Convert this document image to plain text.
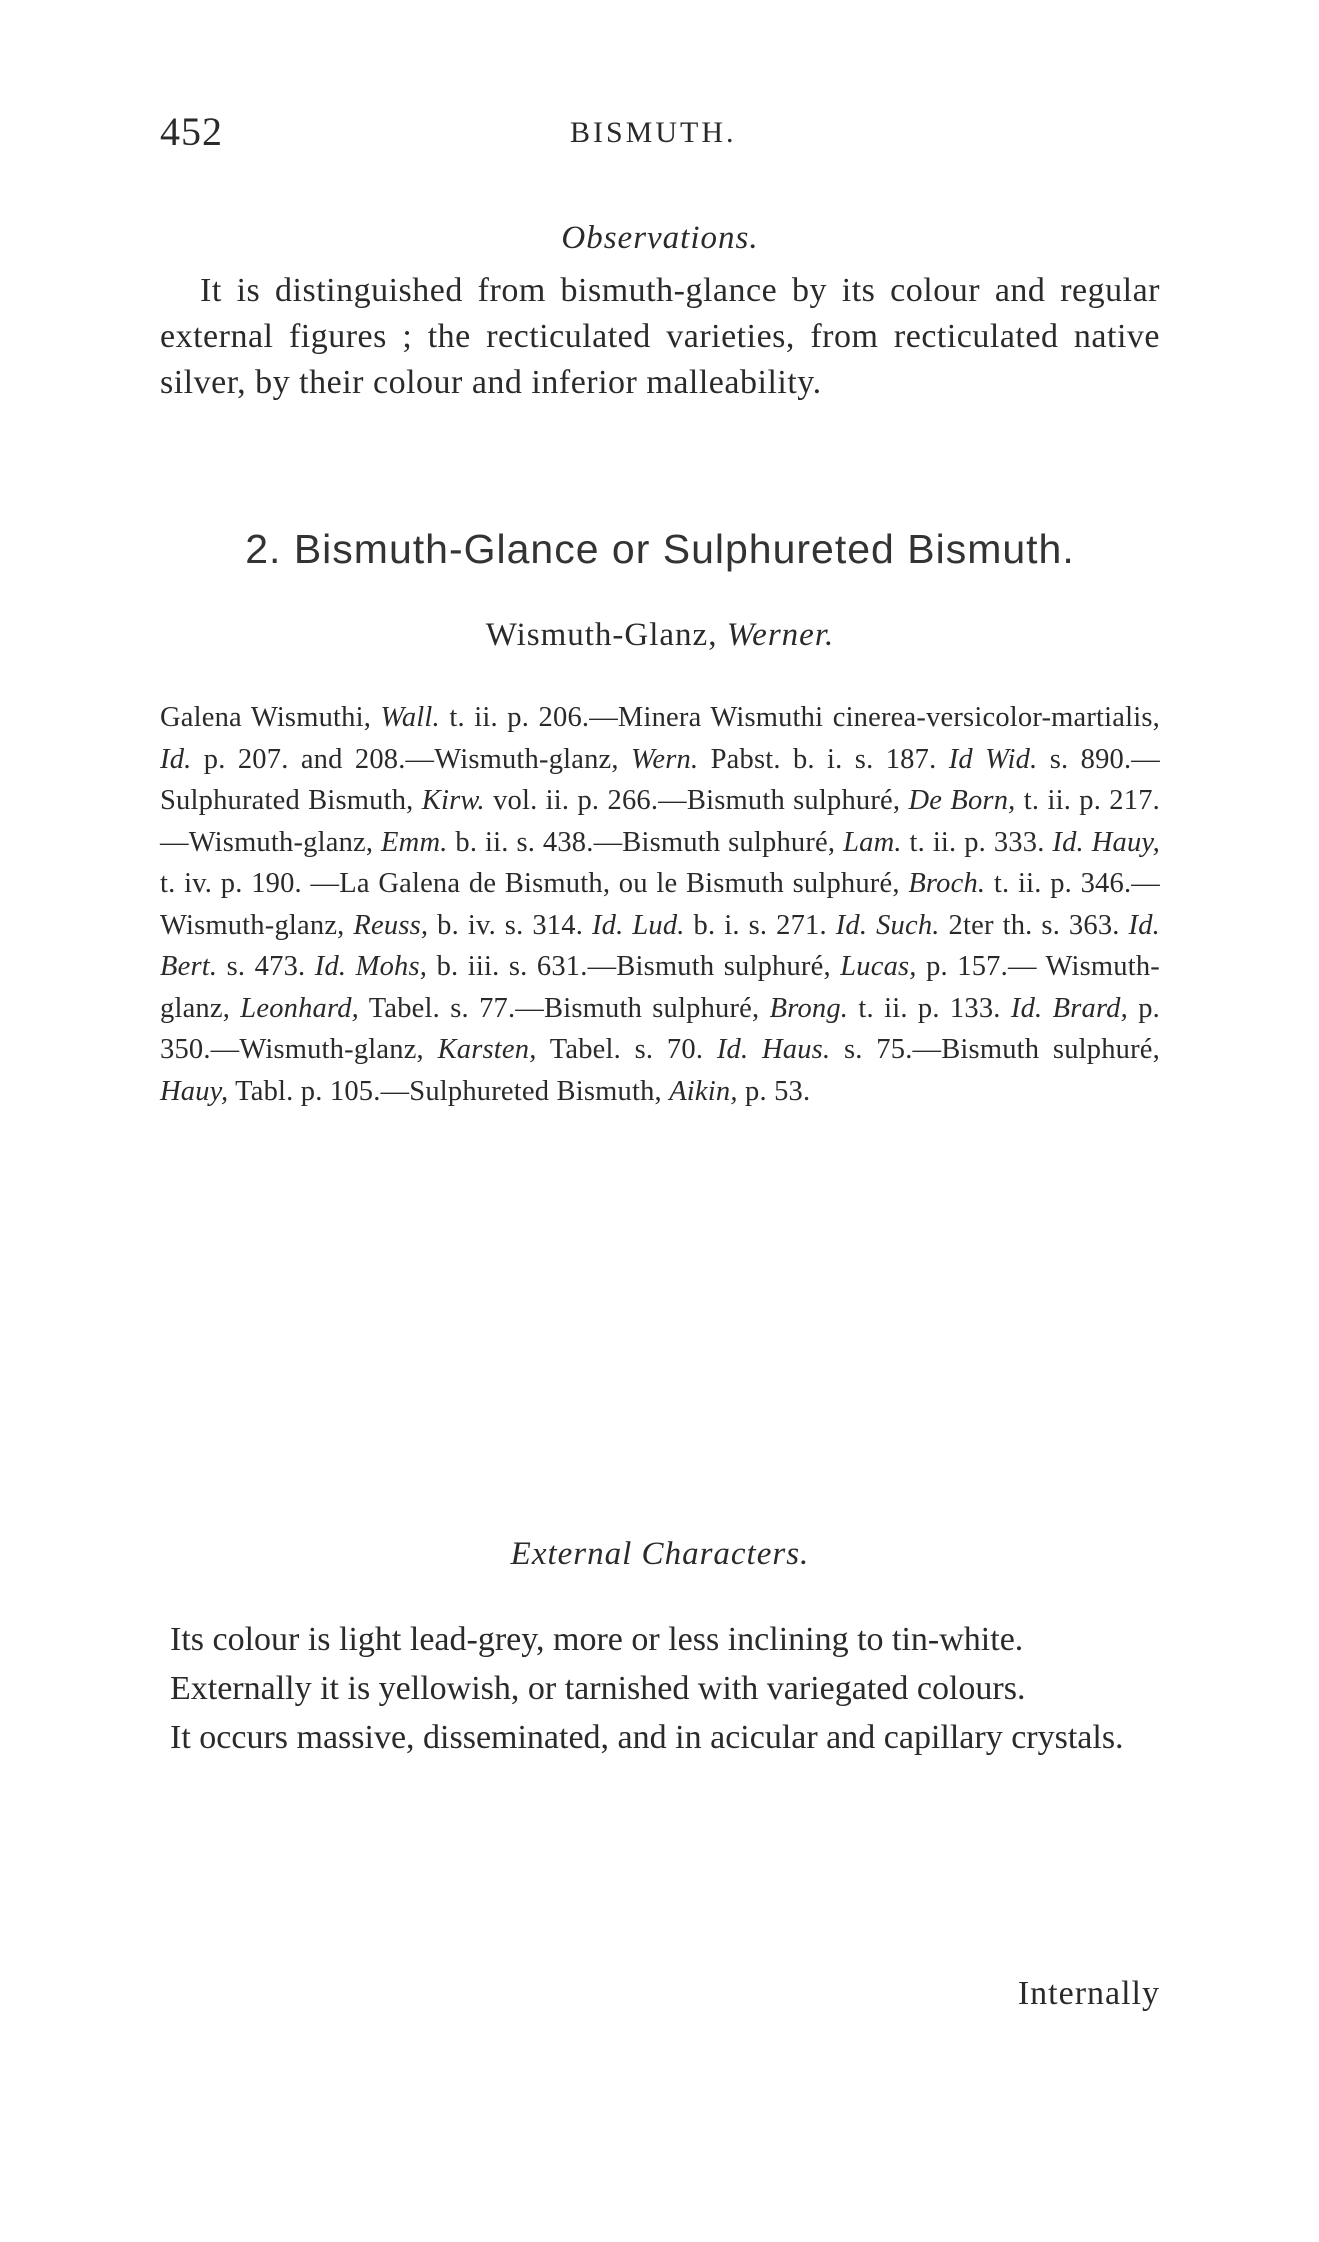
452	BISMUTH.
Observations.
It is distinguished from bismuth-glance by its colour and regular external figures ; the recticulated varieties, from recticulated native silver, by their colour and inferior malleability.
2. Bismuth-Glance or Sulphureted Bismuth.
Wismuth-Glanz, Werner.
Galena Wismuthi, Wall. t. ii. p. 206.—Minera Wismuthi cinerea-versicolor-martialis, Id. p. 207. and 208.—Wismuth-glanz, Wern. Pabst. b. i. s. 187. Id Wid. s. 890.—Sulphurated Bismuth, Kirw. vol. ii. p. 266.—Bismuth sulphuré, De Born, t. ii. p. 217.—Wismuth-glanz, Emm. b. ii. s. 438.—Bismuth sulphuré, Lam. t. ii. p. 333. Id. Hauy, t. iv. p. 190. —La Galena de Bismuth, ou le Bismuth sulphuré, Broch. t. ii. p. 346.—Wismuth-glanz, Reuss, b. iv. s. 314. Id. Lud. b. i. s. 271. Id. Such. 2ter th. s. 363. Id. Bert. s. 473. Id. Mohs, b. iii. s. 631.—Bismuth sulphuré, Lucas, p. 157.— Wismuth-glanz, Leonhard, Tabel. s. 77.—Bismuth sulphuré, Brong. t. ii. p. 133. Id. Brard, p. 350.—Wismuth-glanz, Karsten, Tabel. s. 70. Id. Haus. s. 75.—Bismuth sulphuré, Hauy, Tabl. p. 105.—Sulphureted Bismuth, Aikin, p. 53.
External Characters.

Its colour is light lead-grey, more or less inclining to tin-white.

Externally it is yellowish, or tarnished with variegated colours.

It occurs massive, disseminated, and in acicular and capillary crystals.

Internally
